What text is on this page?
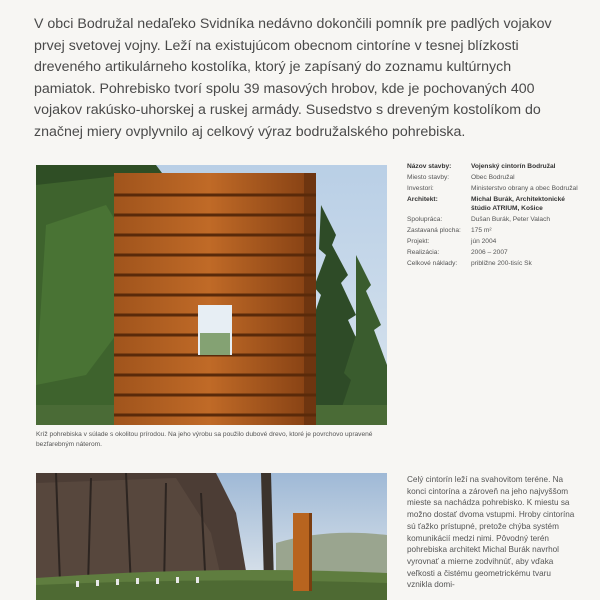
V obci Bodružal nedaľeko Svidníka nedávno dokončili pomník pre padlých vojakov prvej svetovej vojny. Leží na existujúcom obecnom cintoríne v tesnej blízkosti dreveného artikulárneho kostolíka, ktorý je zapísaný do zoznamu kultúrnych pamiatok. Pohrebisko tvorí spolu 39 masových hrobov, kde je pochovaných 400 vojakov rakúsko-uhorskej a ruskej armády. Susedstvo s dreveným kostolíkom do značnej miery ovplyvnilo aj celkový výraz bodružalského pohrebiska.

Názov stavby:	Vojenský cintorín Bodružal
Miesto stavby:	Obec Bodružal
Investori:	Ministerstvo obrany a obec Bodružal
Architekt:	Michal Burák, Architektonické štúdio ATRIUM, Košice
Spolupráca:	Dušan Burák, Peter Valach
Zastavaná plocha:	175 m²
Projekt:	jún 2004
Realizácia:	2006 – 2007
Celkové náklady:	približne 200-tisíc Sk

Kríž pohrebiska v súlade s okolitou prírodou. Na jeho výrobu sa použilo dubové drevo, ktoré je povrchovo upravené bezfarebným náterom.

Celý cintorín leží na svahovitom teréne. Na konci cintorína a zároveň na jeho najvyššom mieste sa nachádza pohrebisko. K miestu sa možno dostať dvoma vstupmi. Hroby cintorína sú ťažko prístupné, pretože chýba systém komunikácií medzi nimi. Pôvodný terén pohrebiska architekt Michal Burák navrhol vyrovnať a mierne zodvihnúť, aby vďaka veľkosti a čistému geometrickému tvaru vznikla domi-
